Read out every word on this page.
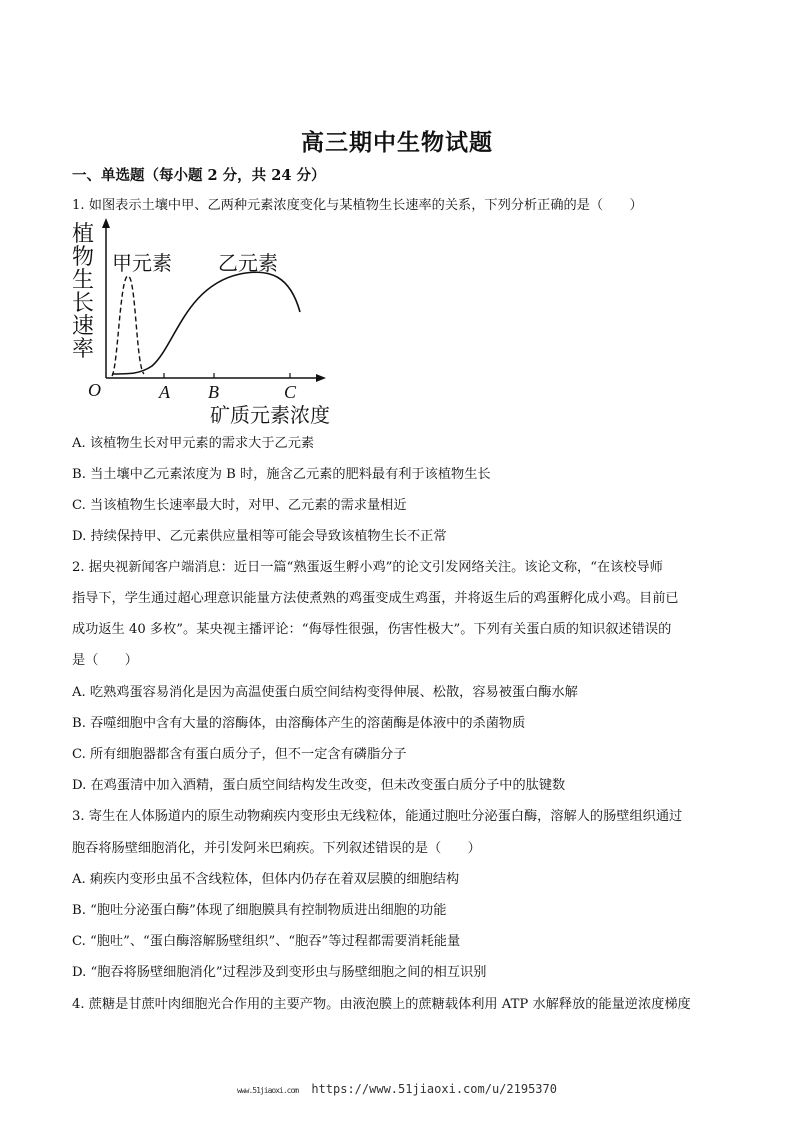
高三期中生物试题
一、单选题（每小题 2 分，共 24 分）
1. 如图表示土壤中甲、乙两种元素浓度变化与某植物生长速率的关系，下列分析正确的是（　　）
植
物
生
长
速
率
甲元素 乙元素
O	A B	C
矿质元素浓度
A. 该植物生长对甲元素的需求大于乙元素
B. 当土壤中乙元素浓度为 B 时，施含乙元素的肥料最有利于该植物生长
C. 当该植物生长速率最大时，对甲、乙元素的需求量相近
D. 持续保持甲、乙元素供应量相等可能会导致该植物生长不正常
2. 据央视新闻客户端消息：近日一篇“熟蛋返生孵小鸡”的论文引发网络关注。该论文称，“在该校导师
指导下，学生通过超心理意识能量方法使煮熟的鸡蛋变成生鸡蛋，并将返生后的鸡蛋孵化成小鸡。目前已
成功返生 40 多枚”。某央视主播评论：“侮辱性很强，伤害性极大”。下列有关蛋白质的知识叙述错误的
是（　　）
A. 吃熟鸡蛋容易消化是因为高温使蛋白质空间结构变得伸展、松散，容易被蛋白酶水解
B. 吞噬细胞中含有大量的溶酶体，由溶酶体产生的溶菌酶是体液中的杀菌物质
C. 所有细胞器都含有蛋白质分子，但不一定含有磷脂分子
D. 在鸡蛋清中加入酒精，蛋白质空间结构发生改变，但未改变蛋白质分子中的肽键数
3. 寄生在人体肠道内的原生动物痢疾内变形虫无线粒体，能通过胞吐分泌蛋白酶，溶解人的肠壁组织通过
胞吞将肠壁细胞消化，并引发阿米巴痢疾。下列叙述错误的是（　　）
A. 痢疾内变形虫虽不含线粒体，但体内仍存在着双层膜的细胞结构
B. “胞吐分泌蛋白酶”体现了细胞膜具有控制物质进出细胞的功能
C. “胞吐”、“蛋白酶溶解肠壁组织”、“胞吞”等过程都需要消耗能量
D. “胞吞将肠壁细胞消化”过程涉及到变形虫与肠壁细胞之间的相互识别
4. 蔗糖是甘蔗叶肉细胞光合作用的主要产物。由液泡膜上的蔗糖载体利用 ATP 水解释放的能量逆浓度梯度
www.51jiaoxi.com https://www.51jiaoxi.com/u/2195370
